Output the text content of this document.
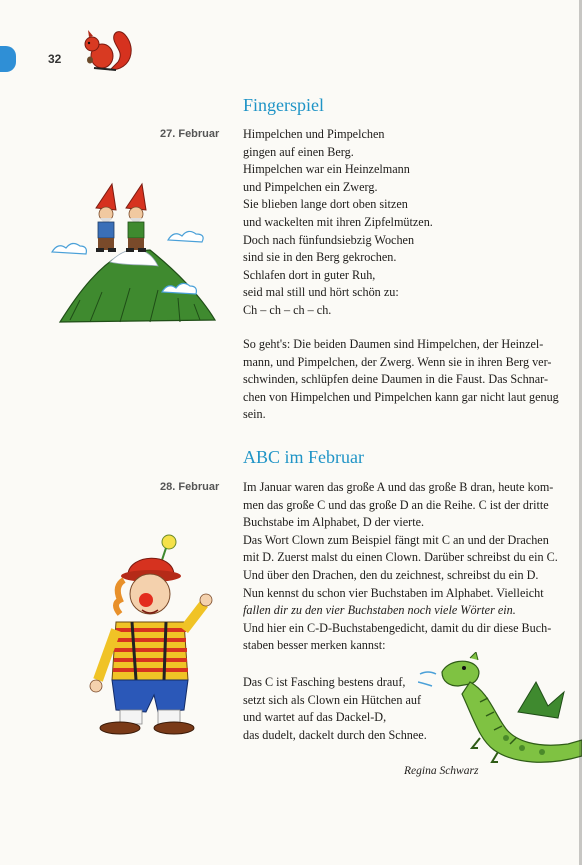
32
Fingerspiel
27. Februar Himpelchen und Pimpelchen
gingen auf einen Berg.
Himpelchen war ein Heinzelmann
und Pimpelchen ein Zwerg.
Sie blieben lange dort oben sitzen
und wackelten mit ihren Zipfelmützen.
Doch nach fünfundsiebzig Wochen
sind sie in den Berg gekrochen.
Schlafen dort in guter Ruh,
seid mal still und hört schön zu:
Ch – ch – ch – ch.
So geht's: Die beiden Daumen sind Himpelchen, der Heinzel-
mann, und Pimpelchen, der Zwerg. Wenn sie in ihren Berg ver-
schwinden, schlüpfen deine Daumen in die Faust. Das Schnar-
chen von Himpelchen und Pimpelchen kann gar nicht laut genug
sein.
ABC im Februar
28. Februar Im Januar waren das große A und das große B dran, heute kom-
men das große C und das große D an die Reihe. C ist der dritte
Buchstabe im Alphabet, D der vierte.
Das Wort Clown zum Beispiel fängt mit C an und der Drachen
mit D. Zuerst malst du einen Clown. Darüber schreibst du ein C.
Und über den Drachen, den du zeichnest, schreibst du ein D.
Nun kennst du schon vier Buchstaben im Alphabet. Vielleicht
fallen dir zu den vier Buchstaben noch viele Wörter ein.
Und hier ein C-D-Buchstabengedicht, damit du dir diese Buch-
staben besser merken kannst:
Das C ist Fasching bestens drauf,
setzt sich als Clown ein Hütchen auf
und wartet auf das Dackel-D,
das dudelt, dackelt durch den Schnee.
Regina Schwarz
